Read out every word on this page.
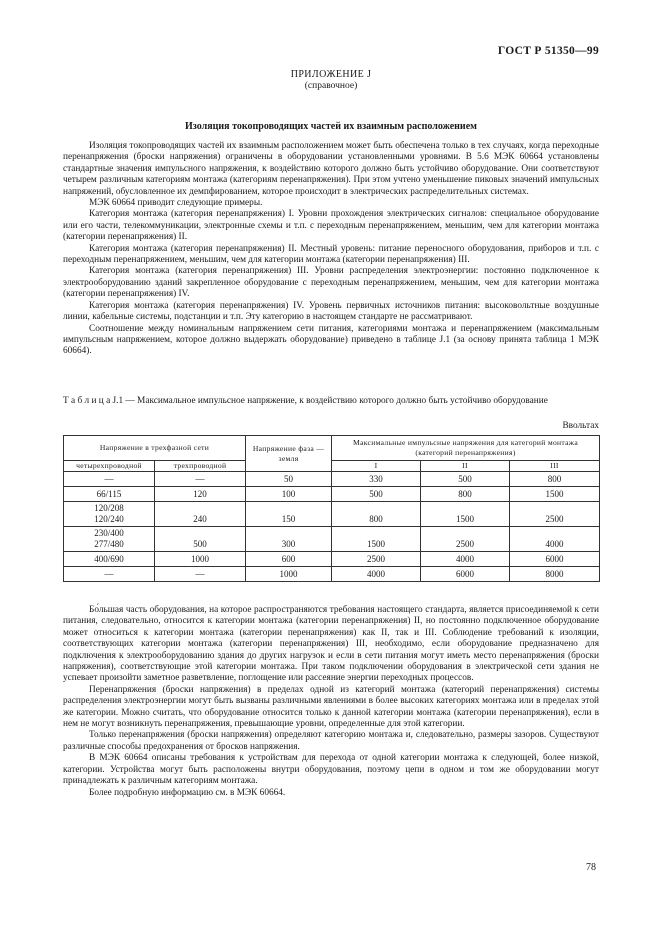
ГОСТ Р 51350—99
ПРИЛОЖЕНИЕ J
(справочное)
Изоляция токопроводящих частей их взаимным расположением

Изоляция токопроводящих частей их взаимным расположением может быть обеспечена только в тех случаях, когда переходные перенапряжения (броски напряжения) ограничены в оборудовании установленными уровнями. В 5.6 МЭК 60664 установлены стандартные значения импульсного напряжения, к воздействию которого должно быть устойчиво оборудование. Они соответствуют четырем различным категориям монтажа (категориям перенапряжения). При этом учтено уменьшение пиковых значений импульсных напряжений, обусловленное их демпфированием, которое происходит в электрических распределительных системах.

МЭК 60664 приводит следующие примеры.

Категория монтажа (категория перенапряжения) I. Уровни прохождения электрических сигналов: специальное оборудование или его части, телекоммуникации, электронные схемы и т.п. с переходным перенапряжением, меньшим, чем для категории монтажа (категории перенапряжения) II.

Категория монтажа (категория перенапряжения) II. Местный уровень: питание переносного оборудования, приборов и т.п. с переходным перенапряжением, меньшим, чем для категории монтажа (категории перенапряжения) III.

Категория монтажа (категория перенапряжения) III. Уровни распределения электроэнергии: постоянно подключенное к электрооборудованию зданий закрепленное оборудование с переходным перенапряжением, меньшим, чем для категории монтажа (категории перенапряжения) IV.

Категория монтажа (категория перенапряжения) IV. Уровень первичных источников питания: высоковольтные воздушные линии, кабельные системы, подстанции и т.п. Эту категорию в настоящем стандарте не рассматривают.

Соотношение между номинальным напряжением сети питания, категориями монтажа и перенапряжением (максимальным импульсным напряжением, которое должно выдержать оборудование) приведено в таблице J.1 (за основу принята таблица 1 МЭК 60664).

Т а б л и ц а J.1 — Максимальное импульсное напряжение, к воздействию которого должно быть устойчиво оборудование

Ввольтах
Напряжение в трехфазной сети		Напряжение фаза — земля	Максимальные импульсные напряжения для категорий монтажа (категорий перенапряжения)		
четырехпроводной	трехпроводной		I	II	III
—	—	50	330	500	800
66/115	120	100	500	800	1500

120/208
120/240	240	150	800	1500	2500

230/400
277/480	500	300	1500	2500	4000
400/690	1000	600	2500	4000	6000
—	—	1000	4000	6000	8000

Бо́льшая часть оборудования, на которое распространяются требования настоящего стандарта, является присоединяемой к сети питания, следовательно, относится к категории монтажа (категории перенапряжения) II, но постоянно подключенное оборудование может относиться к категории монтажа (категории перенапряжения) как II, так и III. Соблюдение требований к изоляции, соответствующих категории монтажа (категории перенапряжения) III, необходимо, если оборудование предназначено для подключения к электрооборудованию здания до других нагрузок и если в сети питания могут иметь место перенапряжения (броски напряжения), соответствующие этой категории монтажа. При таком подключении оборудования в электрической сети здания не успевает произойти заметное разветвление, поглощение или рассеяние энергии переходных процессов.

Перенапряжения (броски напряжения) в пределах одной из категорий монтажа (категорий перенапряжения) системы распределения электроэнергии могут быть вызваны различными явлениями в более высоких категориях монтажа или в пределах этой же категории. Можно считать, что оборудование относится только к данной категории монтажа (категории перенапряжения), если в нем не могут возникнуть перенапряжения, превышающие уровни, определенные для этой категории.

Только перенапряжения (броски напряжения) определяют категорию монтажа и, следовательно, размеры зазоров. Существуют различные способы предохранения от бросков напряжения.

В МЭК 60664 описаны требования к устройствам для перехода от одной категории монтажа к следующей, более низкой, категории. Устройства могут быть расположены внутри оборудования, поэтому цепи в одном и том же оборудовании могут принадлежать к различным категориям монтажа.

Более подробную информацию см. в МЭК 60664.

78
